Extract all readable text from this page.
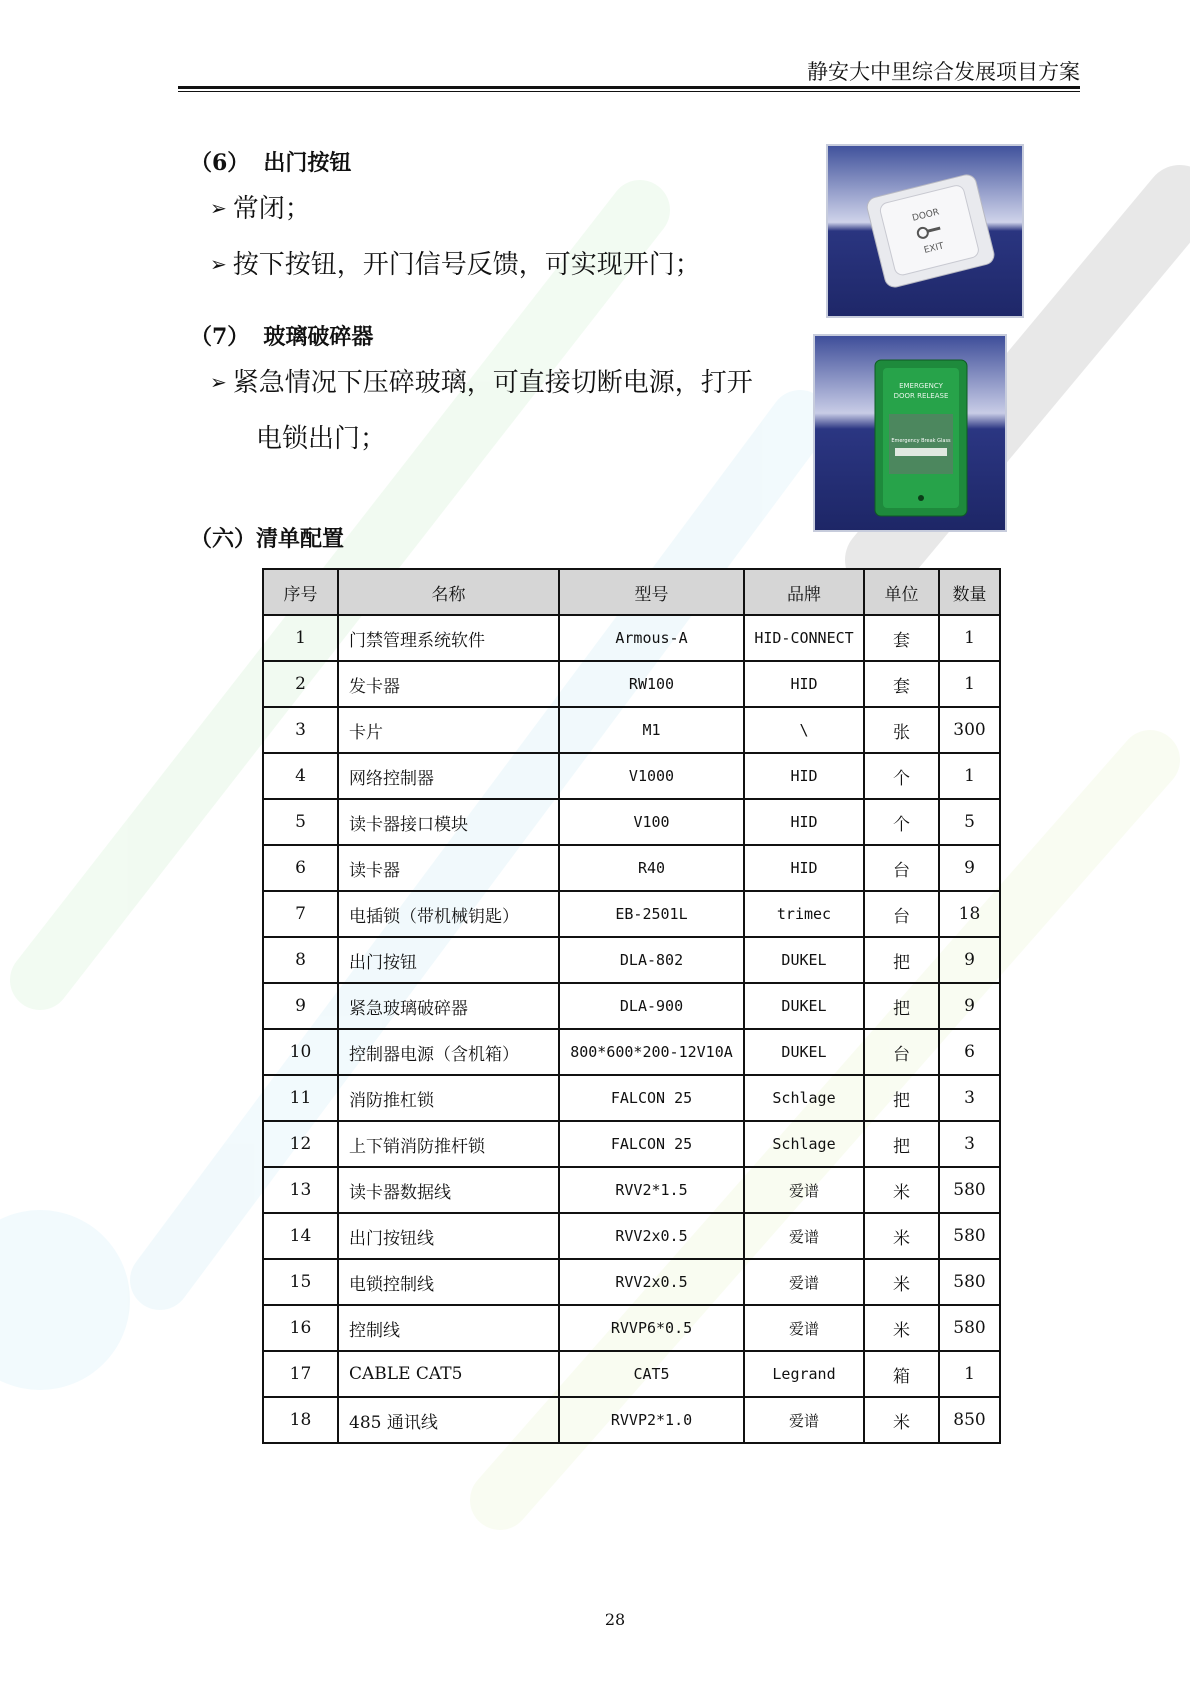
静安大中里综合发展项目方案
（6） 出门按钮
➢ 常闭；
➢ 按下按钮，开门信号反馈，可实现开门；
DOOR
EXIT
（7） 玻璃破碎器
➢ 紧急情况下压碎玻璃，可直接切断电源，打开
电锁出门；
EMERGENCY
DOOR RELEASE
Emergency Break Glass
（六）清单配置
序号	名称	型号	品牌	单位	数量
1	门禁管理系统软件	Armous-A	HID-CONNECT	套	1
2	发卡器	RW100	HID	套	1
3	卡片	M1	\	张	300
4	网络控制器	V1000	HID	个	1
5	读卡器接口模块	V100	HID	个	5
6	读卡器	R40	HID	台	9
7	电插锁（带机械钥匙）	EB-2501L	trimec	台	18
8	出门按钮	DLA-802	DUKEL	把	9
9	紧急玻璃破碎器	DLA-900	DUKEL	把	9
10	控制器电源（含机箱）	800*600*200-12V10A	DUKEL	台	6
11	消防推杠锁	FALCON 25	Schlage	把	3
12	上下销消防推杆锁	FALCON 25	Schlage	把	3
13	读卡器数据线	RVV2*1.5	爱谱	米	580
14	出门按钮线	RVV2x0.5	爱谱	米	580
15	电锁控制线	RVV2x0.5	爱谱	米	580
16	控制线	RVVP6*0.5	爱谱	米	580
17	CABLE CAT5	CAT5	Legrand	箱	1
18	485 通讯线	RVVP2*1.0	爱谱	米	850
28
